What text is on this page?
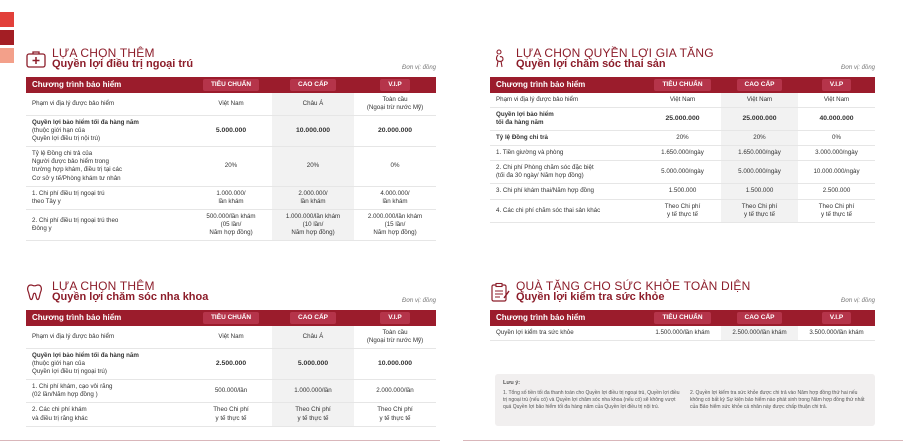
LỰA CHỌN THÊM
Quyền lợi điều trị ngoại trú	Đơn vị: đồng
Chương trình bảo hiểm	TIÊU CHUẨN	CAO CẤP	V.I.P
Phạm vi địa lý được bảo hiểm	Việt Nam	Châu Á	Toàn cầu
(Ngoại trừ nước Mỹ)
Quyền lợi bảo hiểm tối đa hàng năm
(thuộc giới hạn của
Quyền lợi điều trị nội trú)	5.000.000	10.000.000	20.000.000
Tỷ lệ Đồng chi trả của
Người được bảo hiểm trong
trường hợp khám, điều trị tại các
Cơ sở y tế/Phòng khám tư nhân	20%	20%	0%
1. Chi phí điều trị ngoại trú
theo Tây y	1.000.000/
lần khám	2.000.000/
lần khám	4.000.000/
lần khám
2. Chi phí điều trị ngoại trú theo
Đông y	500.000/lần khám
(05 lần/
Năm hợp đồng)	1.000.000/lần khám
(10 lần/
Năm hợp đồng)	2.000.000/lần khám
(15 lần/
Năm hợp đồng)
LỰA CHỌN THÊM
Quyền lợi chăm sóc nha khoa	Đơn vị: đồng
Chương trình bảo hiểm	TIÊU CHUẨN	CAO CẤP	V.I.P
Phạm vi địa lý được bảo hiểm	Việt Nam	Châu Á	Toàn cầu
(Ngoại trừ nước Mỹ)
Quyền lợi bảo hiểm tối đa hàng năm
(thuộc giới hạn của
Quyền lợi điều trị ngoại trú)	2.500.000	5.000.000	10.000.000
1. Chi phí khám, cạo vôi răng
(02 lần/Năm hợp đồng )	500.000/lần	1.000.000/lần	2.000.000/lần
2. Các chi phí khám
và điều trị răng khác	Theo Chi phí
y tế thực tế	Theo Chi phí
y tế thực tế	Theo Chi phí
y tế thực tế
LỰA CHỌN QUYỀN LỢI GIA TĂNG
Quyền lợi chăm sóc thai sản	Đơn vị: đồng
Chương trình bảo hiểm	TIÊU CHUẨN	CAO CẤP	V.I.P
Phạm vi địa lý được bảo hiểm	Việt Nam	Việt Nam	Việt Nam
Quyền lợi bảo hiểm
tối đa hàng năm	25.000.000	25.000.000	40.000.000
Tỷ lệ Đồng chi trả	20%	20%	0%
1. Tiền giường và phòng	1.650.000/ngày	1.650.000/ngày	3.000.000/ngày
2. Chi phí Phòng chăm sóc đặc biệt
(tối đa 30 ngày/ Năm hợp đồng)	5.000.000/ngày	5.000.000/ngày	10.000.000/ngày
3. Chi phí khám thai/Năm hợp đồng	1.500.000	1.500.000	2.500.000
4. Các chi phí chăm sóc thai sản khác	Theo Chi phí
y tế thực tế	Theo Chi phí
y tế thực tế	Theo Chi phí
y tế thực tế
QUÀ TẶNG CHO SỨC KHỎE TOÀN DIỆN
Quyền lợi kiểm tra sức khỏe	Đơn vị: đồng
Chương trình bảo hiểm	TIÊU CHUẨN	CAO CẤP	V.I.P
Quyền lợi kiểm tra sức khỏe	1.500.000/lần khám	2.500.000/lần khám	3.500.000/lần khám
Lưu ý:
1. Tổng số tiền tối đa thanh toán cho Quyền lợi điều trị ngoại trú, Quyền lợi điều trị ngoại trú (nếu có) và Quyền lợi chăm sóc nha khoa (nếu có) sẽ không vượt quá Quyền lợi bảo hiểm tối đa hàng năm của Quyền lợi điều trị nội trú.
2. Quyền lợi kiểm tra sức khỏe được chi trả vào Năm hợp đồng thứ hai nếu không có bất kỳ Sự kiện bảo hiểm nào phát sinh trong Năm hợp đồng thứ nhất của Bảo hiểm sức khỏe cá nhân này được chấp thuận chi trả.
